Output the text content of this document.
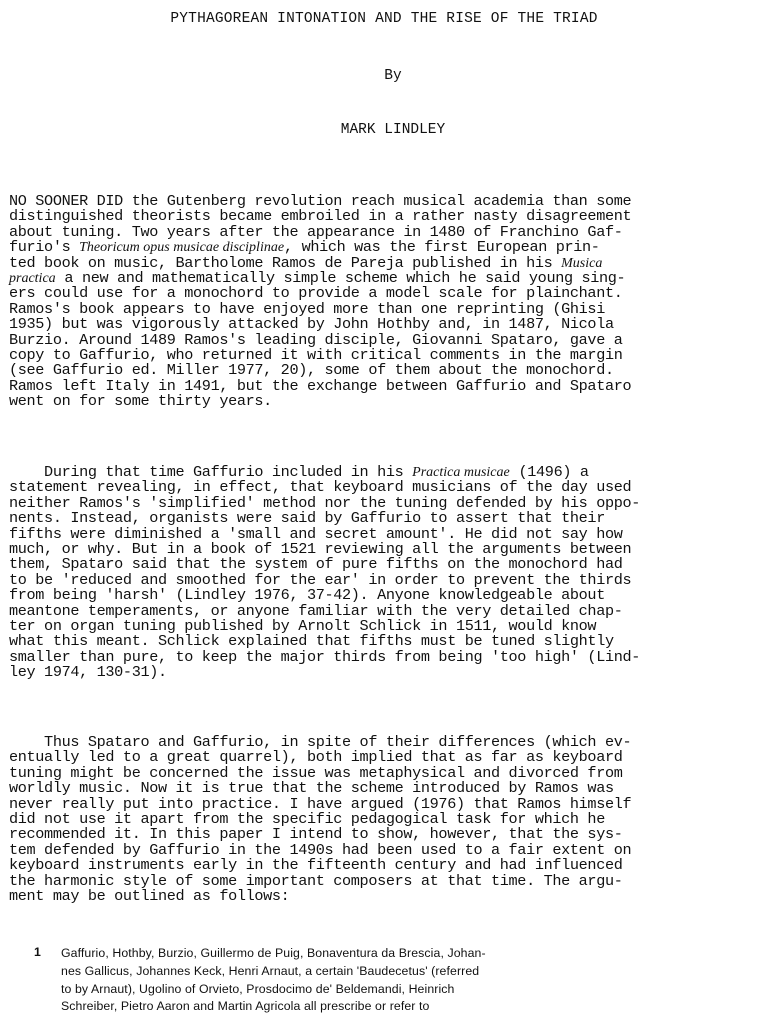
PYTHAGOREAN INTONATION AND THE RISE OF THE TRIAD
By
MARK LINDLEY
NO SOONER DID the Gutenberg revolution reach musical academia than some
distinguished theorists became embroiled in a rather nasty disagreement
about tuning. Two years after the appearance in 1480 of Franchino Gaf-
furio's Theoricum opus musicae disciplinae, which was the first European prin-
ted book on music, Bartholome Ramos de Pareja published in his Musica
practica a new and mathematically simple scheme which he said young sing-
ers could use for a monochord to provide a model scale for plainchant.
Ramos's book appears to have enjoyed more than one reprinting (Ghisi
1935) but was vigorously attacked by John Hothby and, in 1487, Nicola
Burzio. Around 1489 Ramos's leading disciple, Giovanni Spataro, gave a
copy to Gaffurio, who returned it with critical comments in the margin
(see Gaffurio ed. Miller 1977, 20), some of them about the monochord.
Ramos left Italy in 1491, but the exchange between Gaffurio and Spataro
went on for some thirty years.
During that time Gaffurio included in his Practica musicae (1496) a
statement revealing, in effect, that keyboard musicians of the day used
neither Ramos's 'simplified' method nor the tuning defended by his oppo-
nents. Instead, organists were said by Gaffurio to assert that their
fifths were diminished a 'small and secret amount'. He did not say how
much, or why. But in a book of 1521 reviewing all the arguments between
them, Spataro said that the system of pure fifths on the monochord had
to be 'reduced and smoothed for the ear' in order to prevent the thirds
from being 'harsh' (Lindley 1976, 37-42). Anyone knowledgeable about
meantone temperaments, or anyone familiar with the very detailed chap-
ter on organ tuning published by Arnolt Schlick in 1511, would know
what this meant. Schlick explained that fifths must be tuned slightly
smaller than pure, to keep the major thirds from being 'too high' (Lind-
ley 1974, 130-31).
Thus Spataro and Gaffurio, in spite of their differences (which ev-
entually led to a great quarrel), both implied that as far as keyboard
tuning might be concerned the issue was metaphysical and divorced from
worldly music. Now it is true that the scheme introduced by Ramos was
never really put into practice. I have argued (1976) that Ramos himself
did not use it apart from the specific pedagogical task for which he
recommended it. In this paper I intend to show, however, that the sys-
tem defended by Gaffurio in the 1490s had been used to a fair extent on
keyboard instruments early in the fifteenth century and had influenced
the harmonic style of some important composers at that time. The argu-
ment may be outlined as follows:
1 Gaffurio, Hothby, Burzio, Guillermo de Puig, Bonaventura da Brescia, Johan-
nes Gallicus, Johannes Keck, Henri Arnaut, a certain 'Baudecetus' (referred
to by Arnaut), Ugolino of Orvieto, Prosdocimo de' Beldemandi, Heinrich
Schreiber, Pietro Aaron and Martin Agricola all prescribe or refer to
